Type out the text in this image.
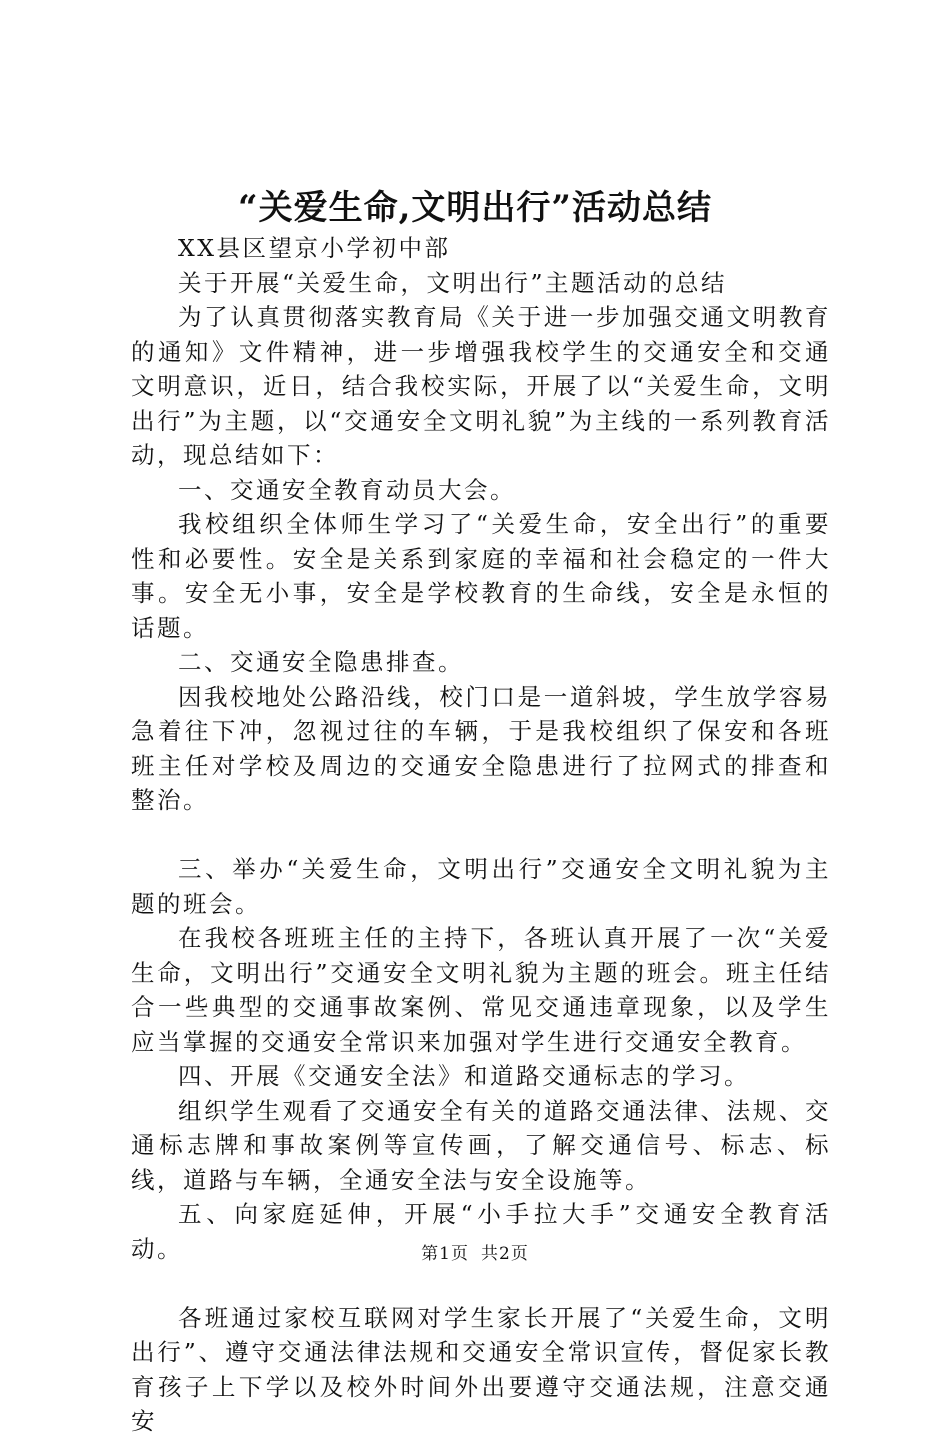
“关爱生命,文明出行”活动总结

XX县区望京小学初中部

关于开展“关爱生命，文明出行”主题活动的总结

为了认真贯彻落实教育局《关于进一步加强交通文明教育的通知》文件精神，进一步增强我校学生的交通安全和交通文明意识，近日，结合我校实际，开展了以“关爱生命，文明出行”为主题，以“交通安全文明礼貌”为主线的一系列教育活动，现总结如下：

一、交通安全教育动员大会。

我校组织全体师生学习了“关爱生命，安全出行”的重要性和必要性。安全是关系到家庭的幸福和社会稳定的一件大事。安全无小事，安全是学校教育的生命线，安全是永恒的话题。

二、交通安全隐患排查。

因我校地处公路沿线，校门口是一道斜坡，学生放学容易急着往下冲，忽视过往的车辆，于是我校组织了保安和各班班主任对学校及周边的交通安全隐患进行了拉网式的排查和整治。

三、举办“关爱生命，文明出行”交通安全文明礼貌为主题的班会。

在我校各班班主任的主持下，各班认真开展了一次“关爱生命，文明出行”交通安全文明礼貌为主题的班会。班主任结合一些典型的交通事故案例、常见交通违章现象，以及学生应当掌握的交通安全常识来加强对学生进行交通安全教育。

四、开展《交通安全法》和道路交通标志的学习。

组织学生观看了交通安全有关的道路交通法律、法规、交通标志牌和事故案例等宣传画，了解交通信号、标志、标线，道路与车辆，全通安全法与安全设施等。

五、向家庭延伸，开展“小手拉大手”交通安全教育活动。

各班通过家校互联网对学生家长开展了“关爱生命，文明出行”、遵守交通法律法规和交通安全常识宣传，督促家长教育孩子上下学以及校外时间外出要遵守交通法规，注意交通安

第1页 共2页
